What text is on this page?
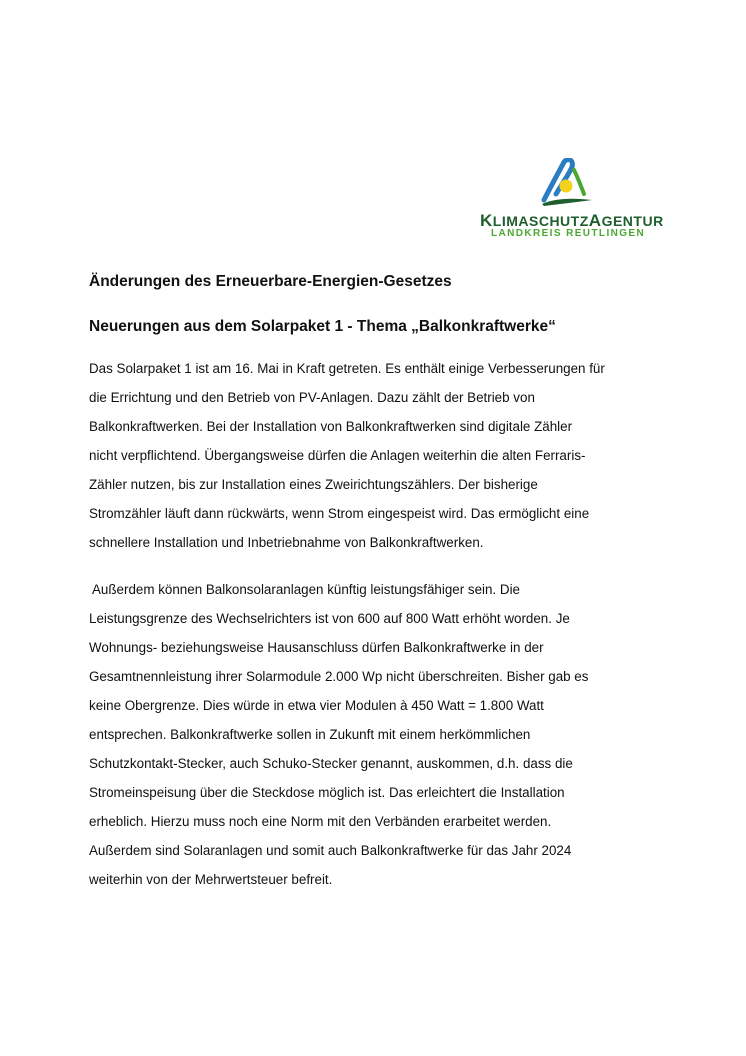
KLIMASCHUTZAGENTUR
LANDKREIS REUTLINGEN
Änderungen des Erneuerbare-Energien-Gesetzes
Neuerungen aus dem Solarpaket 1 - Thema „Balkonkraftwerke“

Das Solarpaket 1 ist am 16. Mai in Kraft getreten. Es enthält einige Verbesserungen für
die Errichtung und den Betrieb von PV-Anlagen. Dazu zählt der Betrieb von
Balkonkraftwerken. Bei der Installation von Balkonkraftwerken sind digitale Zähler
nicht verpflichtend. Übergangsweise dürfen die Anlagen weiterhin die alten Ferraris-
Zähler nutzen, bis zur Installation eines Zweirichtungszählers. Der bisherige
Stromzähler läuft dann rückwärts, wenn Strom eingespeist wird. Das ermöglicht eine
schnellere Installation und Inbetriebnahme von Balkonkraftwerken.

Außerdem können Balkonsolaranlagen künftig leistungsfähiger sein. Die
Leistungsgrenze des Wechselrichters ist von 600 auf 800 Watt erhöht worden. Je
Wohnungs- beziehungsweise Hausanschluss dürfen Balkonkraftwerke in der
Gesamtnennleistung ihrer Solarmodule 2.000 Wp nicht überschreiten. Bisher gab es
keine Obergrenze. Dies würde in etwa vier Modulen à 450 Watt = 1.800 Watt
entsprechen. Balkonkraftwerke sollen in Zukunft mit einem herkömmlichen
Schutzkontakt-Stecker, auch Schuko-Stecker genannt, auskommen, d.h. dass die
Stromeinspeisung über die Steckdose möglich ist. Das erleichtert die Installation
erheblich. Hierzu muss noch eine Norm mit den Verbänden erarbeitet werden.
Außerdem sind Solaranlagen und somit auch Balkonkraftwerke für das Jahr 2024
weiterhin von der Mehrwertsteuer befreit.
